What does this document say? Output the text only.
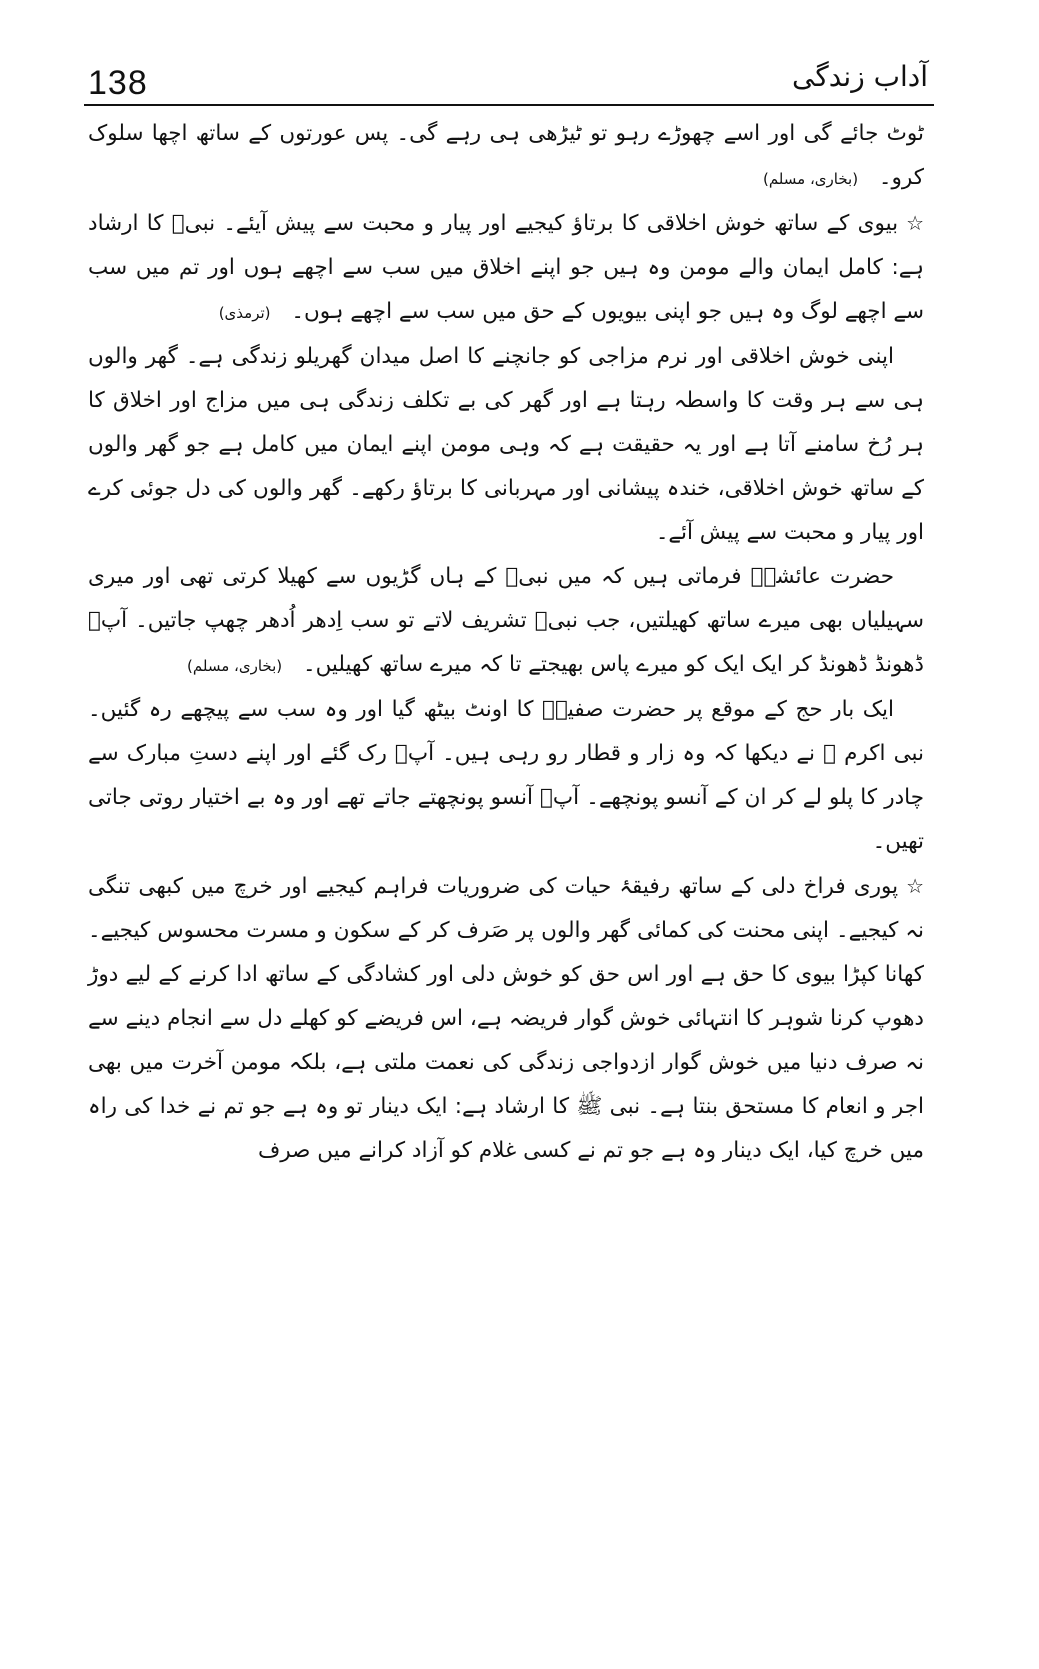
138	آداب زندگی

ٹوٹ جائے گی اور اسے چھوڑے رہو تو ٹیڑھی ہی رہے گی۔ پس عورتوں کے ساتھ اچھا سلوک کرو۔ (بخاری، مسلم)

☆بیوی کے ساتھ خوش اخلاقی کا برتاؤ کیجیے اور پیار و محبت سے پیش آیئے۔ نبیؐ کا ارشاد ہے: کامل ایمان والے مومن وہ ہیں جو اپنے اخلاق میں سب سے اچھے ہوں اور تم میں سب سے اچھے لوگ وہ ہیں جو اپنی بیویوں کے حق میں سب سے اچھے ہوں۔ (ترمذی)

اپنی خوش اخلاقی اور نرم مزاجی کو جانچنے کا اصل میدان گھریلو زندگی ہے۔ گھر والوں ہی سے ہر وقت کا واسطہ رہتا ہے اور گھر کی بے تکلف زندگی ہی میں مزاج اور اخلاق کا ہر رُخ سامنے آتا ہے اور یہ حقیقت ہے کہ وہی مومن اپنے ایمان میں کامل ہے جو گھر والوں کے ساتھ خوش اخلاقی، خندہ پیشانی اور مہربانی کا برتاؤ رکھے۔ گھر والوں کی دل جوئی کرے اور پیار و محبت سے پیش آئے۔

حضرت عائشہؓ فرماتی ہیں کہ میں نبیؐ کے ہاں گڑیوں سے کھیلا کرتی تھی اور میری سہیلیاں بھی میرے ساتھ کھیلتیں، جب نبیؐ تشریف لاتے تو سب اِدھر اُدھر چھپ جاتیں۔ آپؐ ڈھونڈ ڈھونڈ کر ایک ایک کو میرے پاس بھیجتے تا کہ میرے ساتھ کھیلیں۔ (بخاری، مسلم)

ایک بار حج کے موقع پر حضرت صفیہؓ کا اونٹ بیٹھ گیا اور وہ سب سے پیچھے رہ گئیں۔ نبی اکرم ﷺ نے دیکھا کہ وہ زار و قطار رو رہی ہیں۔ آپؐ رک گئے اور اپنے دستِ مبارک سے چادر کا پلو لے کر ان کے آنسو پونچھے۔ آپؐ آنسو پونچھتے جاتے تھے اور وہ بے اختیار روتی جاتی تھیں۔

☆پوری فراخ دلی کے ساتھ رفیقۂ حیات کی ضروریات فراہم کیجیے اور خرچ میں کبھی تنگی نہ کیجیے۔ اپنی محنت کی کمائی گھر والوں پر صَرف کر کے سکون و مسرت محسوس کیجیے۔ کھانا کپڑا بیوی کا حق ہے اور اس حق کو خوش دلی اور کشادگی کے ساتھ ادا کرنے کے لیے دوڑ دھوپ کرنا شوہر کا انتہائی خوش گوار فریضہ ہے، اس فریضے کو کھلے دل سے انجام دینے سے نہ صرف دنیا میں خوش گوار ازدواجی زندگی کی نعمت ملتی ہے، بلکہ مومن آخرت میں بھی اجر و انعام کا مستحق بنتا ہے۔ نبی ﷺ کا ارشاد ہے: ایک دینار تو وہ ہے جو تم نے خدا کی راہ میں خرچ کیا، ایک دینار وہ ہے جو تم نے کسی غلام کو آزاد کرانے میں صرف
